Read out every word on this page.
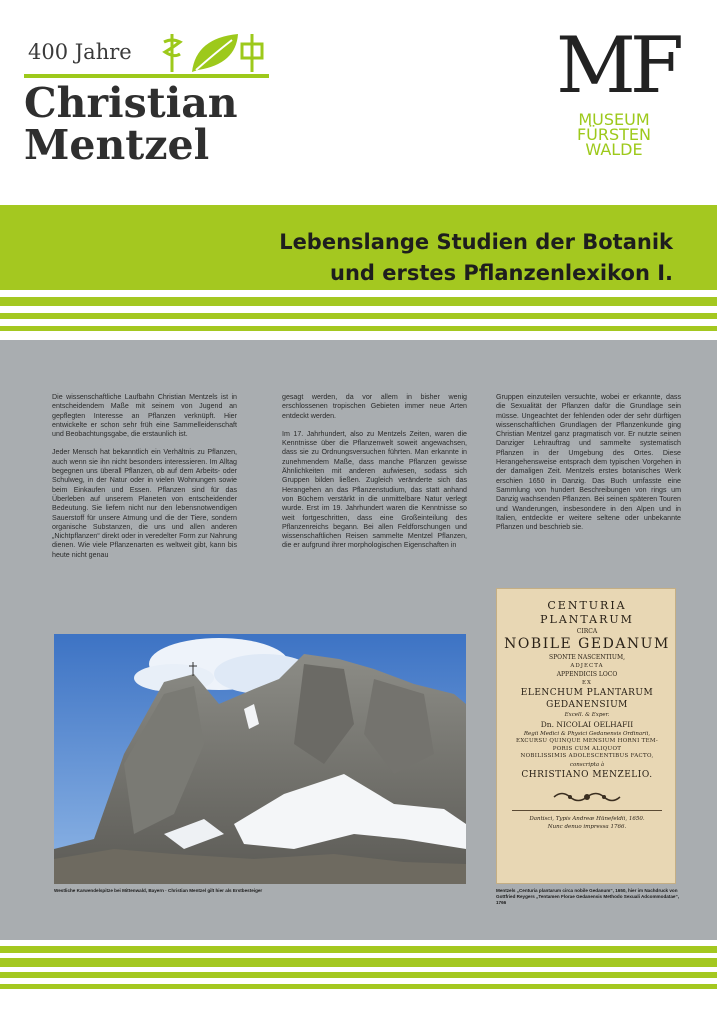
400 Jahre
Christian
Mentzel
MF
MUSEUM
FÜRSTEN
WALDE
Lebenslange Studien der Botanik
und erstes Pflanzenlexikon I.

Die wissenschaftliche Laufbahn Christian Mentzels ist in entscheidendem Maße mit seinem von Jugend an gepflegten Interesse an Pflanzen verknüpft. Hier entwickelte er schon sehr früh eine Sammelleidenschaft und Beobachtungsgabe, die erstaunlich ist.

Jeder Mensch hat bekanntlich ein Verhältnis zu Pflanzen, auch wenn sie ihn nicht besonders interessieren. Im Alltag begegnen uns überall Pflanzen, ob auf dem Arbeits- oder Schulweg, in der Natur oder in vielen Wohnungen sowie beim Einkaufen und Essen. Pflanzen sind für das Überleben auf unserem Planeten von entscheidender Bedeutung. Sie liefern nicht nur den lebensnotwendigen Sauerstoff für unsere Atmung und die der Tiere, sondern organische Substanzen, die uns und allen anderen „Nichtpflanzen“ direkt oder in veredelter Form zur Nahrung dienen. Wie viele Pflanzenarten es weltweit gibt, kann bis heute nicht genau

gesagt werden, da vor allem in bisher wenig erschlossenen tropischen Gebieten immer neue Arten entdeckt werden.

Im 17. Jahrhundert, also zu Mentzels Zeiten, waren die Kenntnisse über die Pflanzenwelt soweit angewachsen, dass sie zu Ordnungsversuchen führten. Man erkannte in zunehmendem Maße, dass manche Pflanzen gewisse Ähnlichkeiten mit anderen aufwiesen, sodass sich Gruppen bilden ließen. Zugleich veränderte sich das Herangehen an das Pflanzenstudium, das statt anhand von Büchern verstärkt in die unmittelbare Natur verlegt wurde. Erst im 19. Jahrhundert waren die Kenntnisse so weit fortgeschritten, dass eine Großeinteilung des Pflanzenreichs begann. Bei allen Feldforschungen und wissenschaftlichen Reisen sammelte Mentzel Pflanzen, die er aufgrund ihrer morphologischen Eigenschaften in

Gruppen einzuteilen versuchte, wobei er erkannte, dass die Sexualität der Pflanzen dafür die Grundlage sein müsse. Ungeachtet der fehlenden oder der sehr dürftigen wissenschaftlichen Grundlagen der Pflanzenkunde ging Christian Mentzel ganz pragmatisch vor. Er nutzte seinen Danziger Lehrauftrag und sammelte systematisch Pflanzen in der Umgebung des Ortes. Diese Herangehensweise entsprach dem typischen Vorgehen in der damaligen Zeit. Mentzels erstes botanisches Werk erschien 1650 in Danzig. Das Buch umfasste eine Sammlung von hundert Beschreibungen von rings um Danzig wachsenden Pflanzen. Bei seinen späteren Touren und Wanderungen, insbesondere in den Alpen und in Italien, entdeckte er weitere seltene oder unbekannte Pflanzen und beschrieb sie.

Westliche Karwendelspitze bei Mittenwald, Bayern · Christian Mentzel gilt hier als Erstbesteiger
CENTURIA
PLANTARUM
CIRCA
NOBILE GEDANUM
SPONTE NASCENTIUM,
ADJECTA
APPENDICIS LOCO
EX
ELENCHUM PLANTARUM
GEDANENSIUM
Excell. & Exper.
Dn. NICOLAI OELHAFII
Regii Medici & Physici Gedanensis Ordinarii,
EXCURSU QUINQUE MENSIUM HORNI TEM-
PORIS CUM ALIQUOT
NOBILISSIMIS ADOLESCENTIBUS FACTO,
conscripta à
CHRISTIANO MENZELIO.
Dantisci, Typis Andreæ Hünefeldii, 1650.
Nunc denuo impressa 1766.
Mentzels „Centuria plantarum circa nobile Gedanum“, 1650, hier im Nachdruck von Gottfried Reygers „Tentamen Florae Gedanensis Methodo Sexuali Adcommodatae“, 1766
